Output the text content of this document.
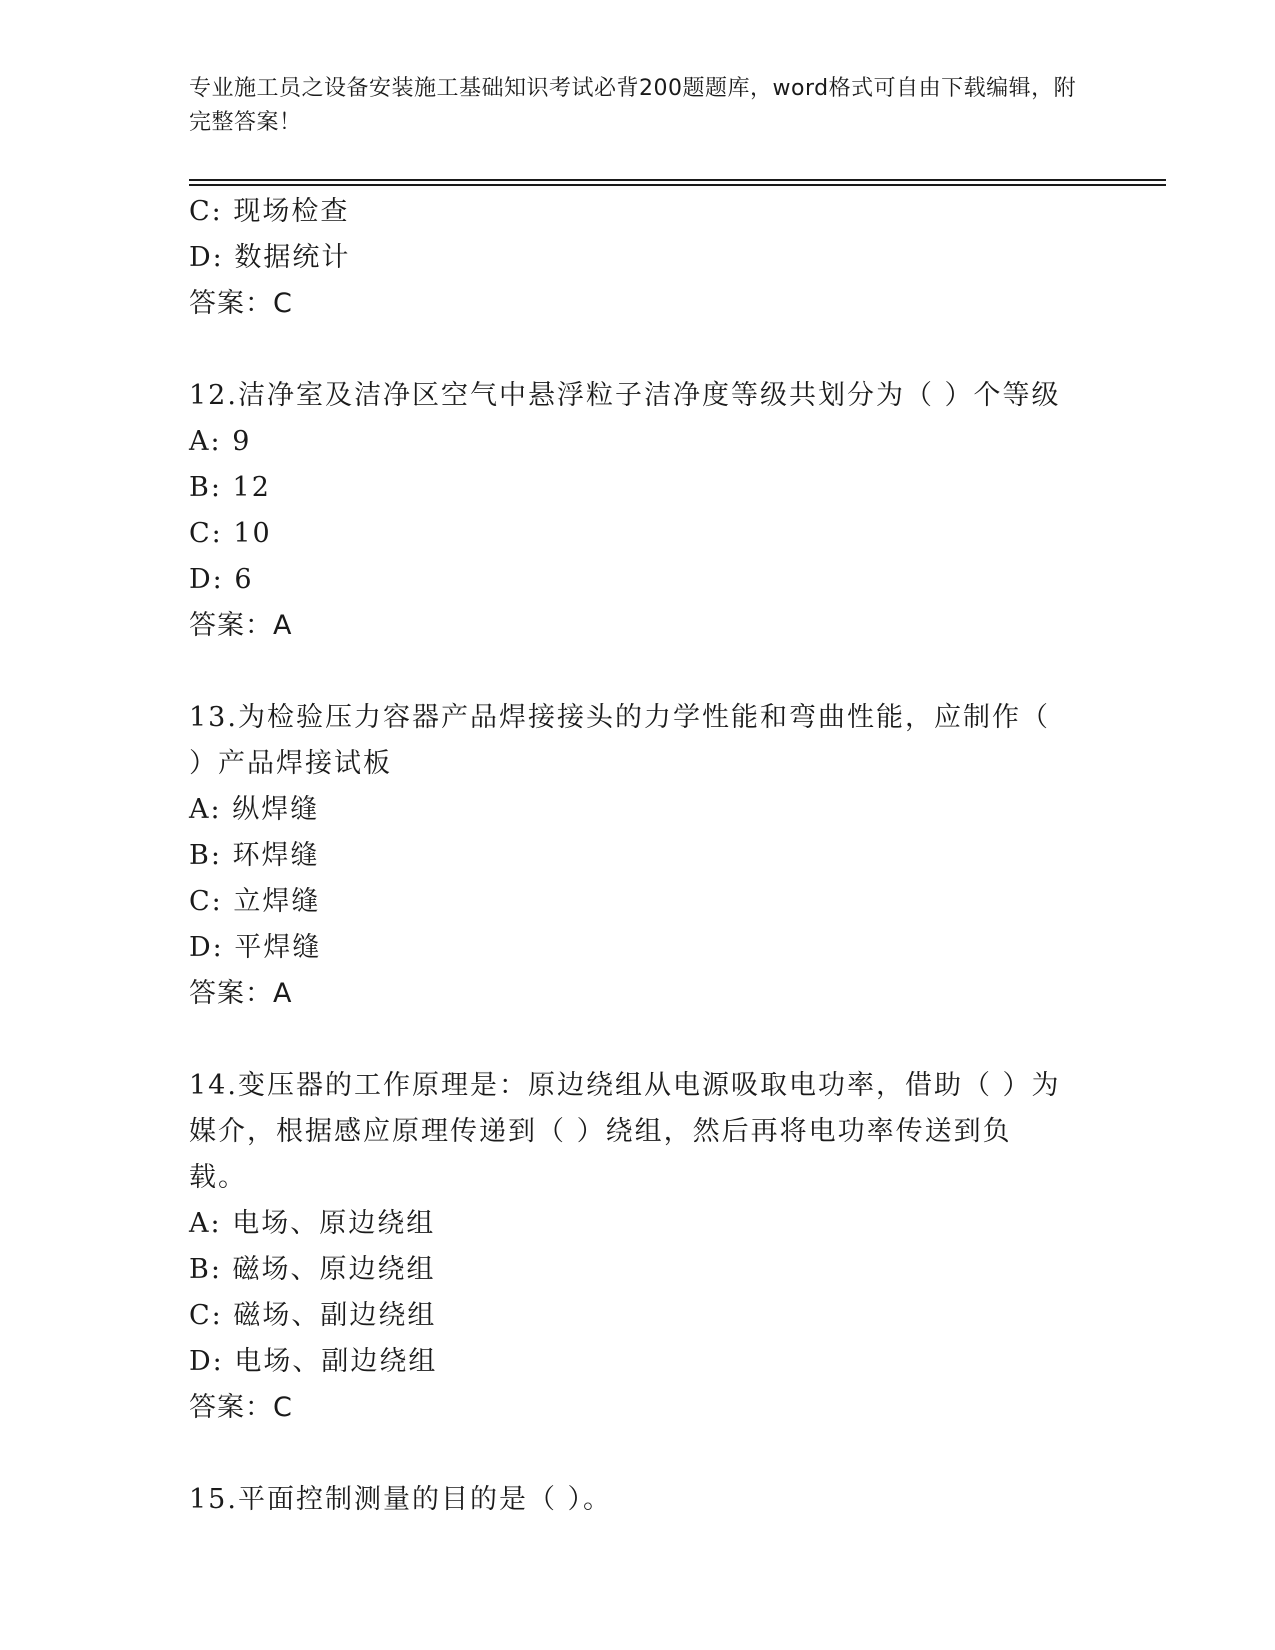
专业施工员之设备安装施工基础知识考试必背200题题库，word格式可自由下载编辑，附完整答案！
C: 现场检查
D: 数据统计
答案：C
12.洁净室及洁净区空气中悬浮粒子洁净度等级共划分为（ ）个等级
A: 9
B: 12
C: 10
D: 6
答案：A
13.为检验压力容器产品焊接接头的力学性能和弯曲性能，应制作（ ）产品焊接试板
A: 纵焊缝
B: 环焊缝
C: 立焊缝
D: 平焊缝
答案：A
14.变压器的工作原理是：原边绕组从电源吸取电功率，借助（ ）为媒介，根据感应原理传递到（ ）绕组，然后再将电功率传送到负载。
A: 电场、原边绕组
B: 磁场、原边绕组
C: 磁场、副边绕组
D: 电场、副边绕组
答案：C
15.平面控制测量的目的是（ ）。
